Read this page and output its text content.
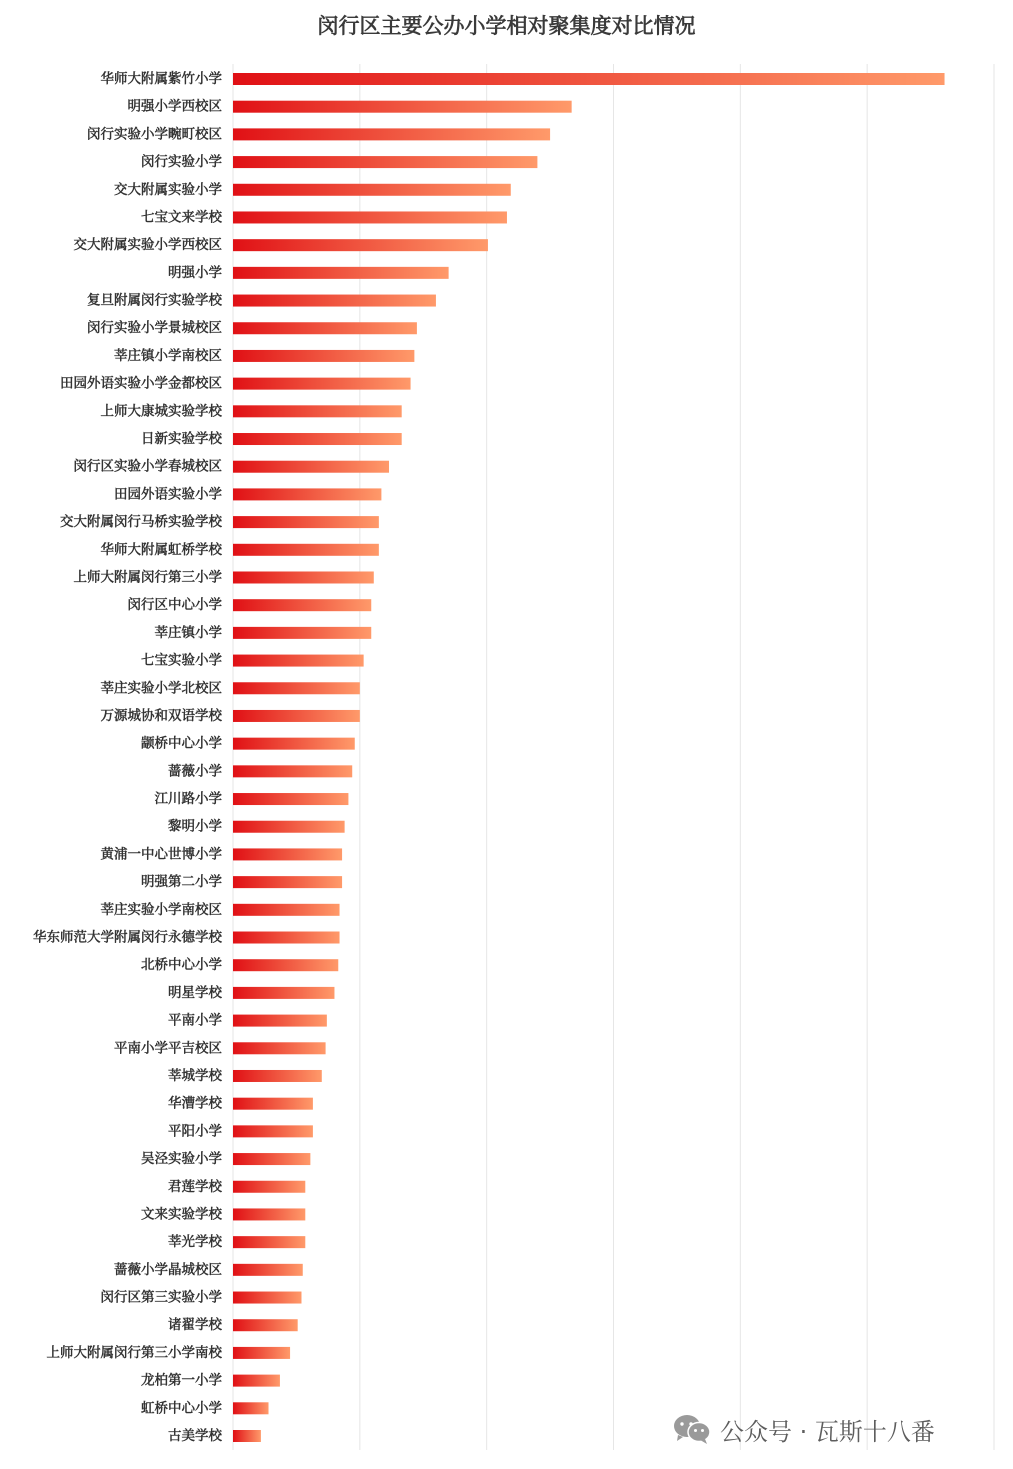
闵行区主要公办小学相对聚集度对比情况
华师大附属紫竹小学
明强小学西校区
闵行实验小学畹町校区
闵行实验小学
交大附属实验小学
七宝文来学校
交大附属实验小学西校区
明强小学
复旦附属闵行实验学校
闵行实验小学景城校区
莘庄镇小学南校区
田园外语实验小学金都校区
上师大康城实验学校
日新实验学校
闵行区实验小学春城校区
田园外语实验小学
交大附属闵行马桥实验学校
华师大附属虹桥学校
上师大附属闵行第三小学
闵行区中心小学
莘庄镇小学
七宝实验小学
莘庄实验小学北校区
万源城协和双语学校
颛桥中心小学
蔷薇小学
江川路小学
黎明小学
黄浦一中心世博小学
明强第二小学
莘庄实验小学南校区
华东师范大学附属闵行永德学校
北桥中心小学
明星学校
平南小学
平南小学平吉校区
莘城学校
华漕学校
平阳小学
吴泾实验小学
君莲学校
文来实验学校
莘光学校
蔷薇小学晶城校区
闵行区第三实验小学
诸翟学校
上师大附属闵行第三小学南校
龙柏第一小学
虹桥中心小学
古美学校	公众号 · 瓦斯十八番
